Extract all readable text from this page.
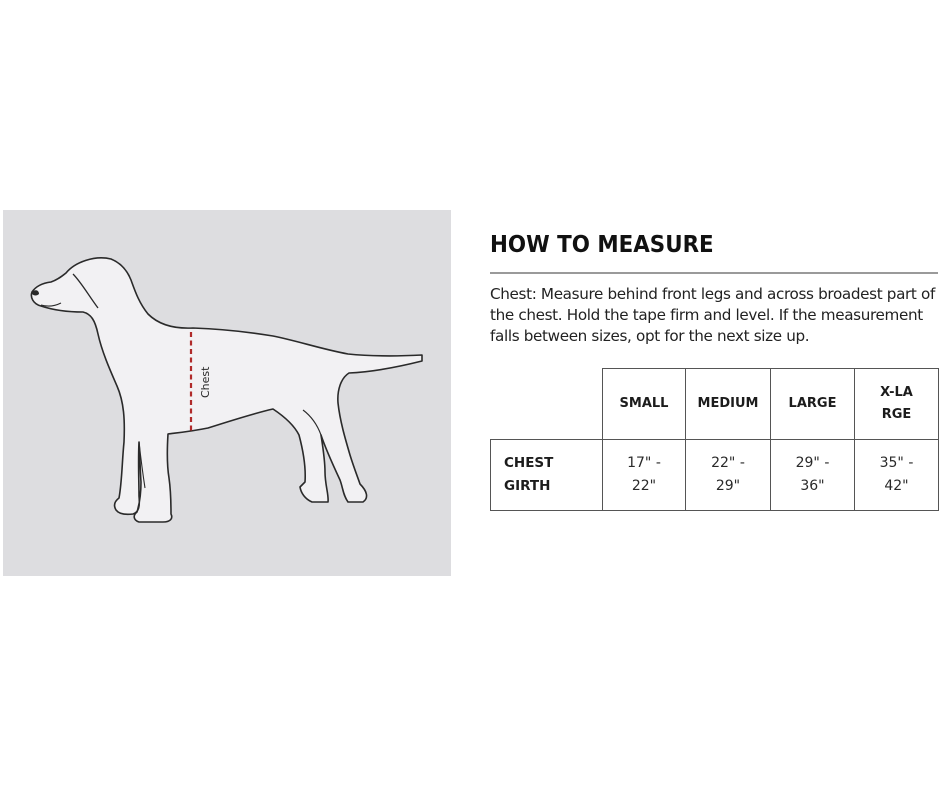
Chest
HOW TO MEASURE

Chest: Measure behind front legs and across broadest part of the chest. Hold the tape firm and level. If the measurement falls between sizes, opt for the next size up.

	SMALL	MEDIUM	LARGE	X-LARGE
CHEST GIRTH	17" - 22"	22" - 29"	29" - 36"	35" - 42"
